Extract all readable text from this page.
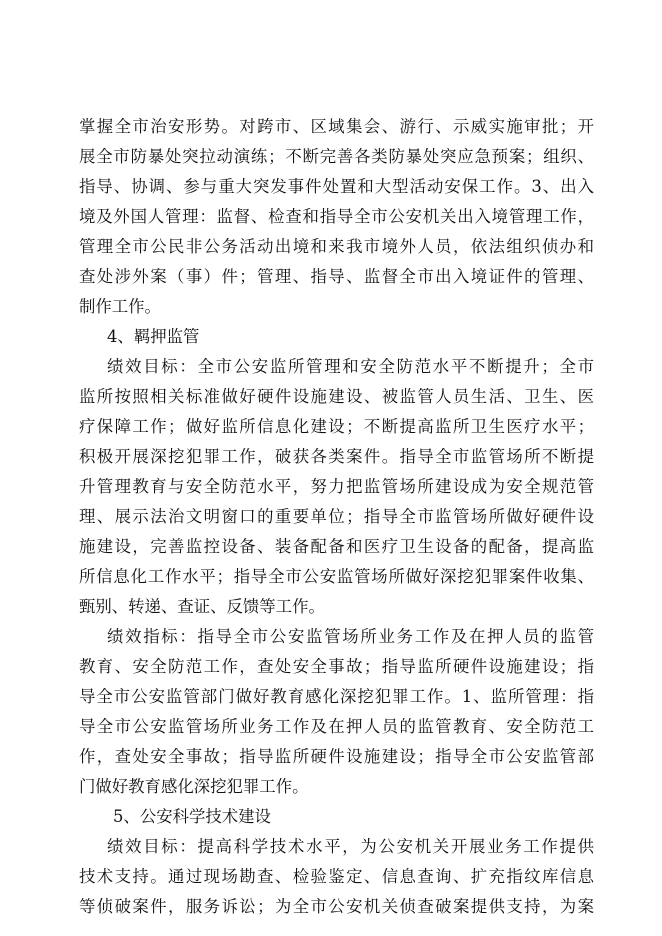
掌握全市治安形势。对跨市、区域集会、游行、示威实施审批；开
展全市防暴处突拉动演练；不断完善各类防暴处突应急预案；组织、
指导、协调、参与重大突发事件处置和大型活动安保工作。3、出入
境及外国人管理：监督、检查和指导全市公安机关出入境管理工作，
管理全市公民非公务活动出境和来我市境外人员，依法组织侦办和
查处涉外案（事）件；管理、指导、监督全市出入境证件的管理、
制作工作。
4、羁押监管
绩效目标：全市公安监所管理和安全防范水平不断提升；全市
监所按照相关标准做好硬件设施建设、被监管人员生活、卫生、医
疗保障工作；做好监所信息化建设；不断提高监所卫生医疗水平；
积极开展深挖犯罪工作，破获各类案件。指导全市监管场所不断提
升管理教育与安全防范水平，努力把监管场所建设成为安全规范管
理、展示法治文明窗口的重要单位；指导全市监管场所做好硬件设
施建设，完善监控设备、装备配备和医疗卫生设备的配备，提高监
所信息化工作水平；指导全市公安监管场所做好深挖犯罪案件收集、
甄别、转递、查证、反馈等工作。
绩效指标：指导全市公安监管场所业务工作及在押人员的监管
教育、安全防范工作，查处安全事故；指导监所硬件设施建设；指
导全市公安监管部门做好教育感化深挖犯罪工作。1、监所管理：指
导全市公安监管场所业务工作及在押人员的监管教育、安全防范工
作，查处安全事故；指导监所硬件设施建设；指导全市公安监管部
门做好教育感化深挖犯罪工作。
5、公安科学技术建设
绩效目标：提高科学技术水平，为公安机关开展业务工作提供
技术支持。通过现场勘查、检验鉴定、信息查询、扩充指纹库信息
等侦破案件，服务诉讼；为全市公安机关侦查破案提供支持，为案
